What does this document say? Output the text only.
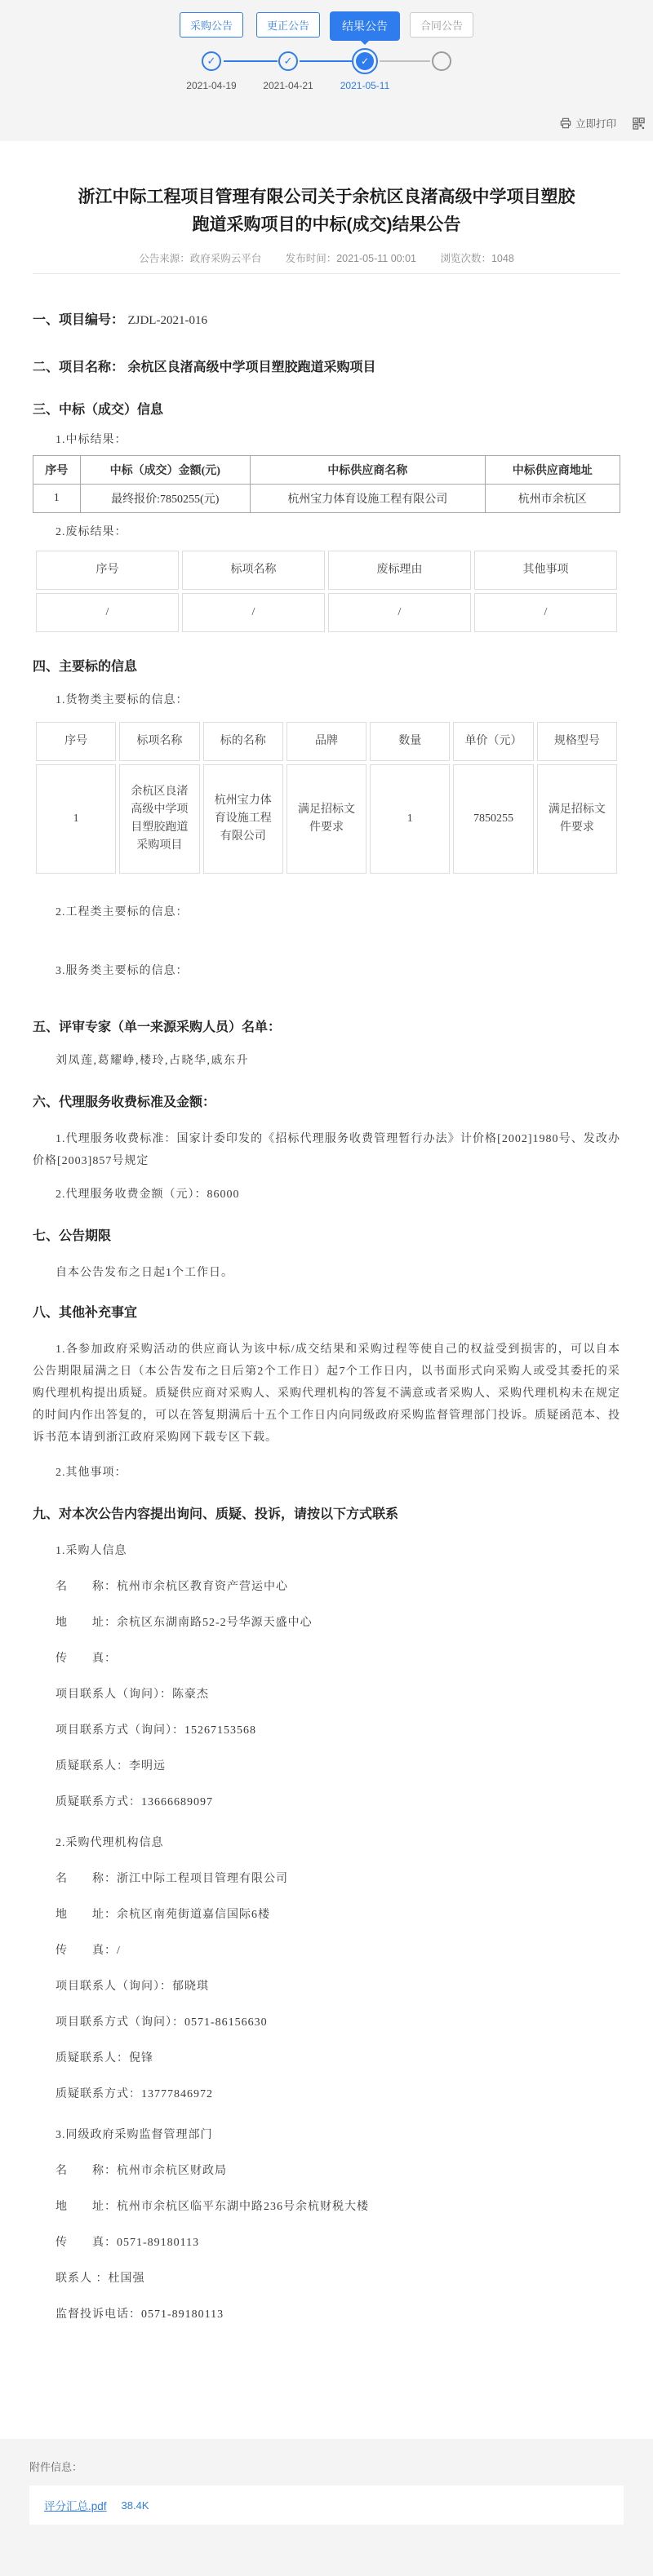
采购公告
✓
2021-04-19
更正公告
✓
2021-04-21
结果公告
✓
2021-05-11
合同公告

立即打印
浙江中际工程项目管理有限公司关于余杭区良渚高级中学项目塑胶
跑道采购项目的中标(成交)结果公告
公告来源：政府采购云平台 发布时间：2021-05-11 00:01 浏览次数：1048
一、项目编号： ZJDL-2021-016
二、项目名称： 余杭区良渚高级中学项目塑胶跑道采购项目
三、中标（成交）信息
1.中标结果：
序号	中标（成交）金额(元)	中标供应商名称	中标供应商地址
1	最终报价:7850255(元)	杭州宝力体育设施工程有限公司	杭州市余杭区
2.废标结果：
序号	标项名称	废标理由	其他事项
/	/	/	/
四、主要标的信息
1.货物类主要标的信息：
序号	标项名称	标的名称	品牌	数量	单价（元）	规格型号
1	余杭区良渚高级中学项目塑胶跑道采购项目	杭州宝力体育设施工程有限公司	满足招标文件要求	1	7850255	满足招标文件要求
2.工程类主要标的信息：
3.服务类主要标的信息：
五、评审专家（单一来源采购人员）名单：
刘凤莲,葛耀峥,楼玲,占晓华,戚东升
六、代理服务收费标准及金额：
1.代理服务收费标准：国家计委印发的《招标代理服务收费管理暂行办法》计价格[2002]1980号、发改办价格[2003]857号规定
2.代理服务收费金额（元）：86000
七、公告期限
自本公告发布之日起1个工作日。
八、其他补充事宜
1.各参加政府采购活动的供应商认为该中标/成交结果和采购过程等使自己的权益受到损害的，可以自本公告期限届满之日（本公告发布之日后第2个工作日）起7个工作日内，以书面形式向采购人或受其委托的采购代理机构提出质疑。质疑供应商对采购人、采购代理机构的答复不满意或者采购人、采购代理机构未在规定的时间内作出答复的，可以在答复期满后十五个工作日内向同级政府采购监督管理部门投诉。质疑函范本、投诉书范本请到浙江政府采购网下载专区下载。
2.其他事项：
九、对本次公告内容提出询问、质疑、投诉，请按以下方式联系
1.采购人信息
名　　称：杭州市余杭区教育资产营运中心
地　　址：余杭区东湖南路52-2号华源天盛中心
传　　真：
项目联系人（询问）：陈豪杰
项目联系方式（询问）：15267153568
质疑联系人：李明远
质疑联系方式：13666689097
2.采购代理机构信息
名　　称：浙江中际工程项目管理有限公司
地　　址：余杭区南苑街道嘉信国际6楼
传　　真：/
项目联系人（询问）：郁晓琪
项目联系方式（询问）：0571-86156630
质疑联系人：倪锋
质疑联系方式：13777846972
3.同级政府采购监督管理部门
名　　称：杭州市余杭区财政局
地　　址：杭州市余杭区临平东湖中路236号余杭财税大楼
传　　真：0571-89180113
联系人 ：杜国强
监督投诉电话：0571-89180113
附件信息：
评分汇总.pdf 38.4K
